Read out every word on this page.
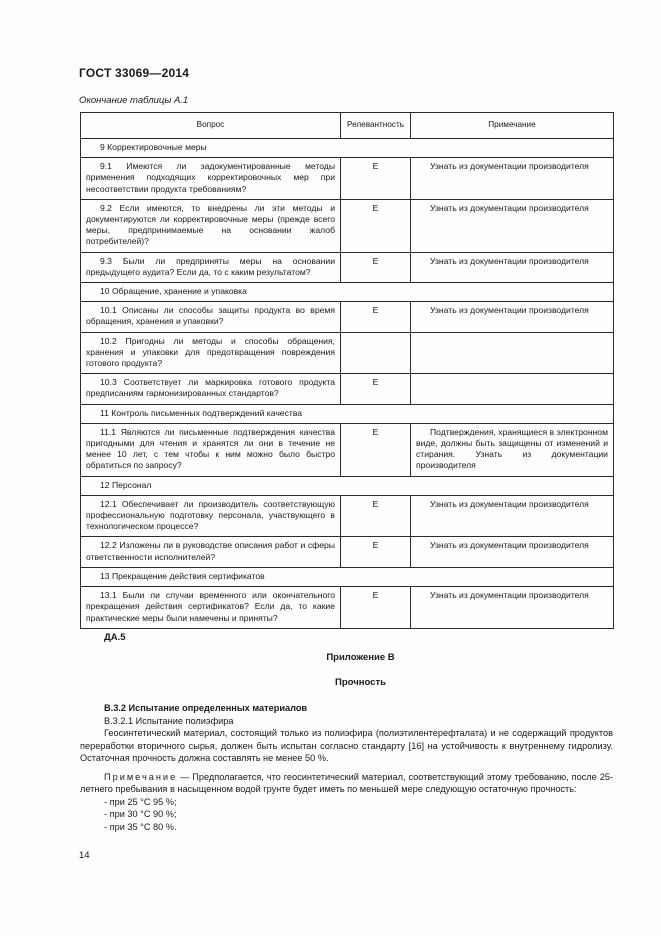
ГОСТ 33069—2014
Окончание таблицы А.1
Вопрос	Релевантность	Примечание
9 Корректировочные меры		
9.1 Имеются ли задокументированные методы применения подходящих корректировочных мер при несоответствии продукта требованиям?	E	Узнать из документации производителя
9.2 Если имеются, то внедрены ли эти методы и документируются ли корректировочные меры (прежде всего меры, предпринимаемые на основании жалоб потребителей)?	E	Узнать из документации производителя
9.3 Были ли предприняты меры на основании предыдущего аудита? Если да, то с каким результатом?	E	Узнать из документации производителя
10 Обращение, хранение и упаковка		
10.1 Описаны ли способы защиты продукта во время обращения, хранения и упаковки?	E	Узнать из документации производителя
10.2 Пригодны ли методы и способы обращения, хранения и упаковки для предотвращения повреждения готового продукта?		
10.3 Соответствует ли маркировка готового продукта предписаниям гармонизированных стандартов?	E	
11 Контроль письменных подтверждений качества		
11.1 Являются ли письменные подтверждения качества пригодными для чтения и хранятся ли они в течение не менее 10 лет, с тем чтобы к ним можно было быстро обратиться по запросу?	E	Подтверждения, хранящиеся в электронном виде, должны быть защищены от изменений и стирания. Узнать из документации производителя
12 Персонал		
12.1 Обеспечивает ли производитель соответствующую профессиональную подготовку персонала, участвующего в технологическом процессе?	E	Узнать из документации производителя
12.2 Изложены ли в руководстве описания работ и сферы ответственности исполнителей?	E	Узнать из документации производителя
13 Прекращение действия сертификатов		
13.1 Были ли случаи временного или окончательного прекращения действия сертификатов? Если да, то какие практические меры были намечены и приняты?	E	Узнать из документации производителя
ДА.5
Приложение В
Прочность

В.3.2 Испытание определенных материалов

В.3.2.1 Испытание полиэфира

Геосинтетический материал, состоящий только из полиэфира (полиэтилентерефталата) и не содержащий продуктов переработки вторичного сырья, должен быть испытан согласно стандарту [16] на устойчивость к внутреннему гидролизу. Остаточная прочность должна составлять не менее 50 %.

Примечание — Предполагается, что геосинтетический материал, соответствующий этому требованию, после 25-летнего пребывания в насыщенном водой грунте будет иметь по меньшей мере следующую остаточную прочность:

- при 25 °С 95 %;

- при 30 °С 90 %;

- при 35 °С 80 %.

14
